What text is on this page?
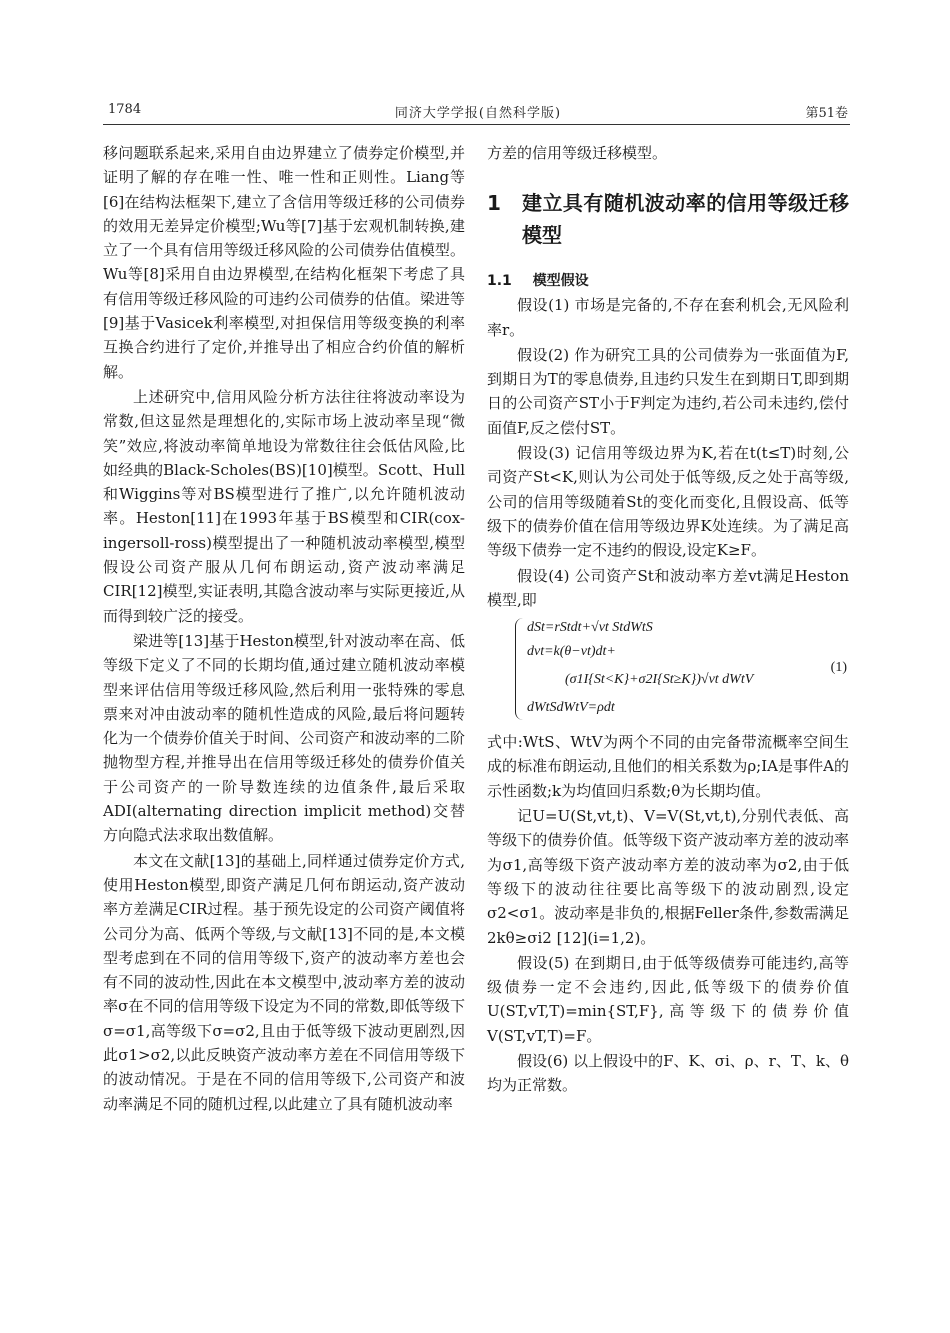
1784	同济大学学报(自然科学版)	第51卷

移问题联系起来,采用自由边界建立了债券定价模型,并证明了解的存在唯一性、唯一性和正则性。Liang等[6]在结构法框架下,建立了含信用等级迁移的公司债券的效用无差异定价模型;Wu等[7]基于宏观机制转换,建立了一个具有信用等级迁移风险的公司债券估值模型。Wu等[8]采用自由边界模型,在结构化框架下考虑了具有信用等级迁移风险的可违约公司债券的估值。梁进等[9]基于Vasicek利率模型,对担保信用等级变换的利率互换合约进行了定价,并推导出了相应合约价值的解析解。

上述研究中,信用风险分析方法往往将波动率设为常数,但这显然是理想化的,实际市场上波动率呈现“微笑”效应,将波动率简单地设为常数往往会低估风险,比如经典的Black-Scholes(BS)[10]模型。Scott、Hull和Wiggins等对BS模型进行了推广,以允许随机波动率。Heston[11]在1993年基于BS模型和CIR(cox-ingersoll-ross)模型提出了一种随机波动率模型,模型假设公司资产服从几何布朗运动,资产波动率满足CIR[12]模型,实证表明,其隐含波动率与实际更接近,从而得到较广泛的接受。

梁进等[13]基于Heston模型,针对波动率在高、低等级下定义了不同的长期均值,通过建立随机波动率模型来评估信用等级迁移风险,然后利用一张特殊的零息票来对冲由波动率的随机性造成的风险,最后将问题转化为一个债券价值关于时间、公司资产和波动率的二阶抛物型方程,并推导出在信用等级迁移处的债券价值关于公司资产的一阶导数连续的边值条件,最后采取ADI(alternating direction implicit method)交替方向隐式法求取出数值解。

本文在文献[13]的基础上,同样通过债券定价方式,使用Heston模型,即资产满足几何布朗运动,资产波动率方差满足CIR过程。基于预先设定的公司资产阈值将公司分为高、低两个等级,与文献[13]不同的是,本文模型考虑到在不同的信用等级下,资产的波动率方差也会有不同的波动性,因此在本文模型中,波动率方差的波动率σ在不同的信用等级下设定为不同的常数,即低等级下σ=σ1,高等级下σ=σ2,且由于低等级下波动更剧烈,因此σ1>σ2,以此反映资产波动率方差在不同信用等级下的波动情况。于是在不同的信用等级下,公司资产和波动率满足不同的随机过程,以此建立了具有随机波动率

方差的信用等级迁移模型。

1	建立具有随机波动率的信用等级迁移模型
1.1 模型假设

假设(1) 市场是完备的,不存在套利机会,无风险利率r。

假设(2) 作为研究工具的公司债券为一张面值为F,到期日为T的零息债券,且违约只发生在到期日T,即到期日的公司资产ST小于F判定为违约,若公司未违约,偿付面值F,反之偿付ST。

假设(3) 记信用等级边界为K,若在t(t≤T)时刻,公司资产St<K,则认为公司处于低等级,反之处于高等级,公司的信用等级随着St的变化而变化,且假设高、低等级下的债券价值在信用等级边界K处连续。为了满足高等级下债券一定不违约的假设,设定K≥F。

假设(4) 公司资产St和波动率方差vt满足Heston模型,即

dSt=rStdt+√vt StdWtS
dvt=k(θ−vt)dt+
(σ1I{St<K}+σ2I{St≥K})√vt dWtV
dWtSdWtV=ρdt
(1)

式中:WtS、WtV为两个不同的由完备带流概率空间生成的标准布朗运动,且他们的相关系数为ρ;IA是事件A的示性函数;k为均值回归系数;θ为长期均值。

记U=U(St,vt,t)、V=V(St,vt,t),分别代表低、高等级下的债券价值。低等级下资产波动率方差的波动率为σ1,高等级下资产波动率方差的波动率为σ2,由于低等级下的波动往往要比高等级下的波动剧烈,设定σ2<σ1。波动率是非负的,根据Feller条件,参数需满足2kθ≥σi2 [12](i=1,2)。

假设(5) 在到期日,由于低等级债券可能违约,高等级债券一定不会违约,因此,低等级下的债券价值U(ST,vT,T)=min{ST,F},高等级下的债券价值V(ST,vT,T)=F。

假设(6) 以上假设中的F、K、σi、ρ、r、T、k、θ均为正常数。
